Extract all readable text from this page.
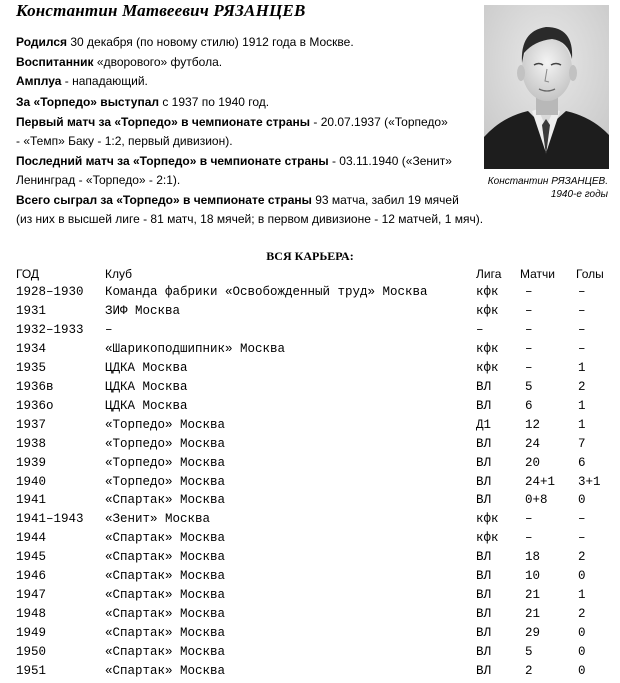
Константин Матвеевич РЯЗАНЦЕВ
Родился 30 декабря (по новому стилю) 1912 года в Москве.
Воспитанник «дворового» футбола.
Амплуа - нападающий.
За «Торпедо» выступал с 1937 по 1940 год.
Первый матч за «Торпедо» в чемпионате страны - 20.07.1937 («Торпедо»
- «Темп» Баку - 1:2, первый дивизион).
Последний матч за «Торпедо» в чемпионате страны - 03.11.1940 («Зенит»
Ленинград - «Торпедо» - 2:1).
Всего сыграл за «Торпедо» в чемпионате страны 93 матча, забил 19 мячей
(из них в высшей лиге - 81 матч, 18 мячей; в первом дивизионе - 12 матчей, 1 мяч).
Константин РЯЗАНЦЕВ.
1940-е годы
ВСЯ КАРЬЕРА:
ГОД	Клуб	Лига Матчи Голы
1928–1930 Команда фабрики «Освобожденный труд» Москва	кфк –	–
1931	ЗИФ Москва	кфк –	–
1932–1933 –	–	–	–
1934	«Шарикоподшипник» Москва	кфк –	–
1935	ЦДКА Москва	кфк –	1
1936в	ЦДКА Москва	ВЛ	5	2
1936о	ЦДКА Москва	ВЛ	6	1
1937	«Торпедо» Москва	Д1	12	1
1938	«Торпедо» Москва	ВЛ	24	7
1939	«Торпедо» Москва	ВЛ	20	6
1940	«Торпедо» Москва	ВЛ	24+1 3+1
1941	«Спартак» Москва	ВЛ	0+8 0
1941–1943 «Зенит» Москва	кфк –	–
1944	«Спартак» Москва	кфк –	–
1945	«Спартак» Москва	ВЛ	18	2
1946	«Спартак» Москва	ВЛ	10	0
1947	«Спартак» Москва	ВЛ	21	1
1948	«Спартак» Москва	ВЛ	21	2
1949	«Спартак» Москва	ВЛ	29	0
1950	«Спартак» Москва	ВЛ	5	0
1951	«Спартак» Москва	ВЛ	2	0
